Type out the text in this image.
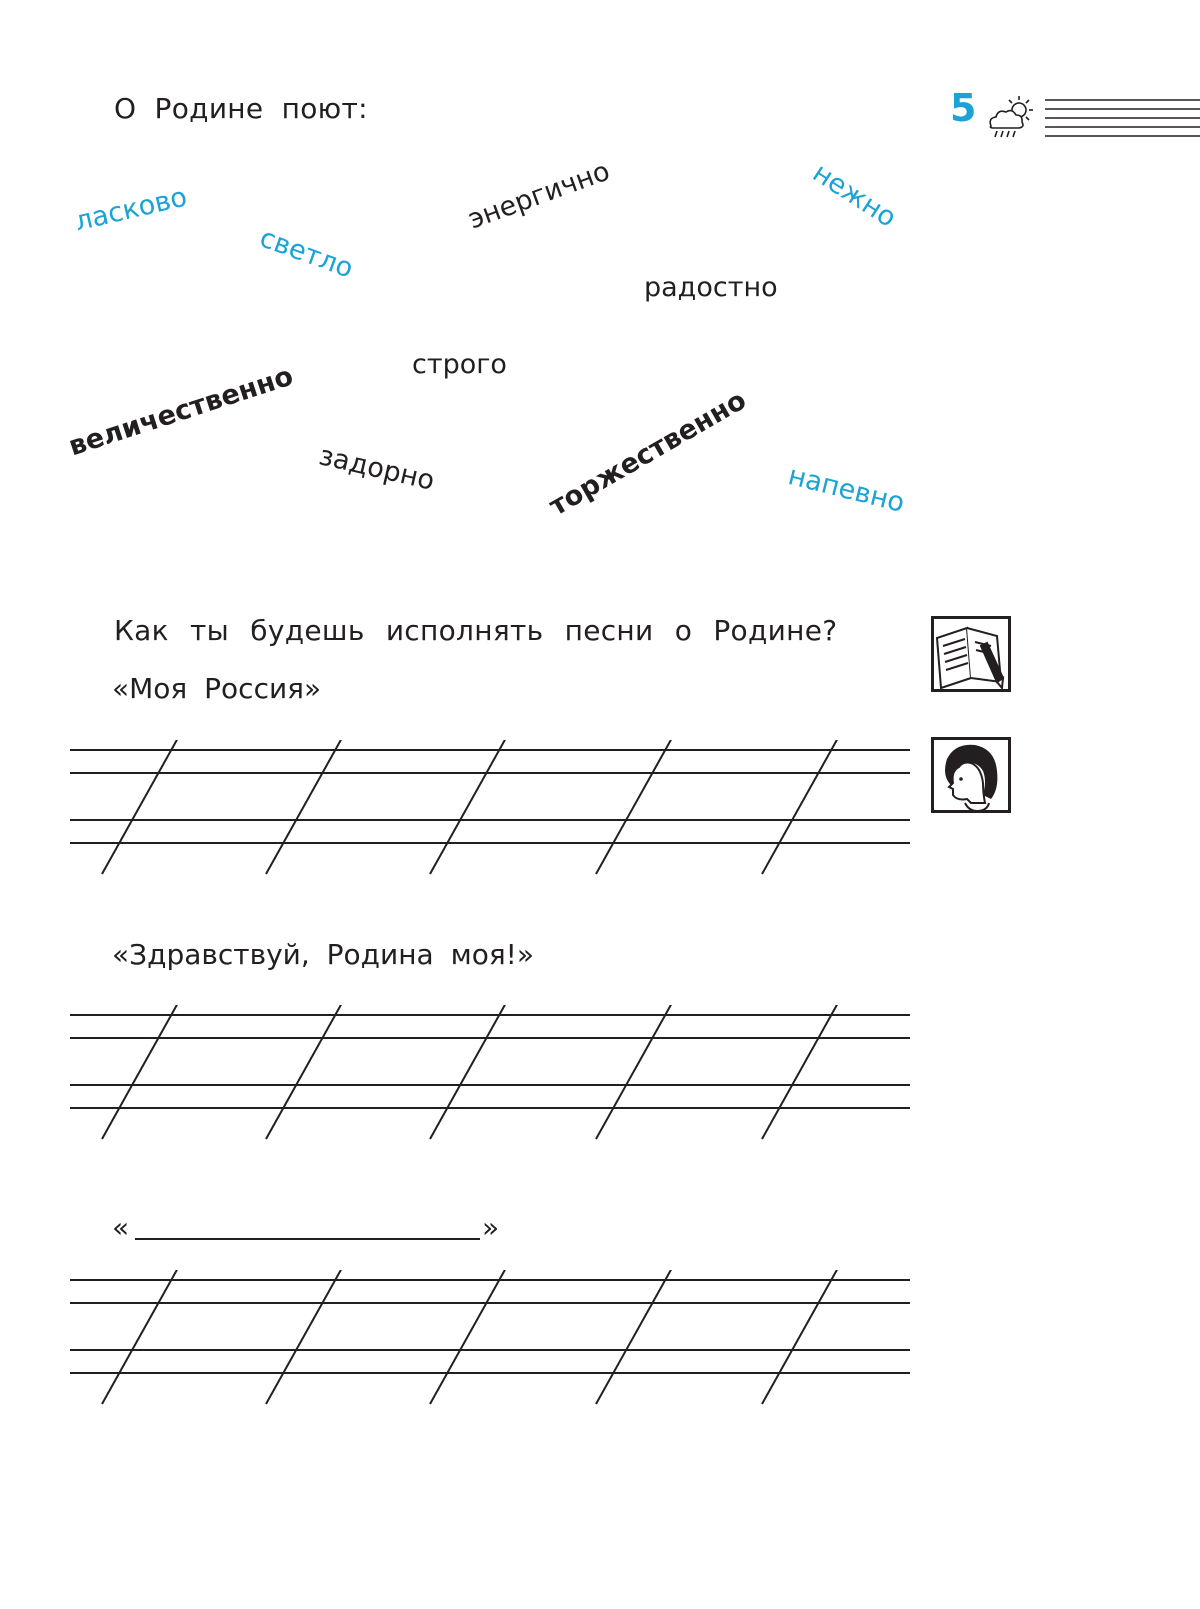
О Родине поют:	5
ласково
светло
энергично	нежно
радостно
строго
величественно
задорно	торжественно напевно
Как ты будешь исполнять песни о Родине?
«Моя Россия»
«Здравствуй, Родина моя!»
«	»
